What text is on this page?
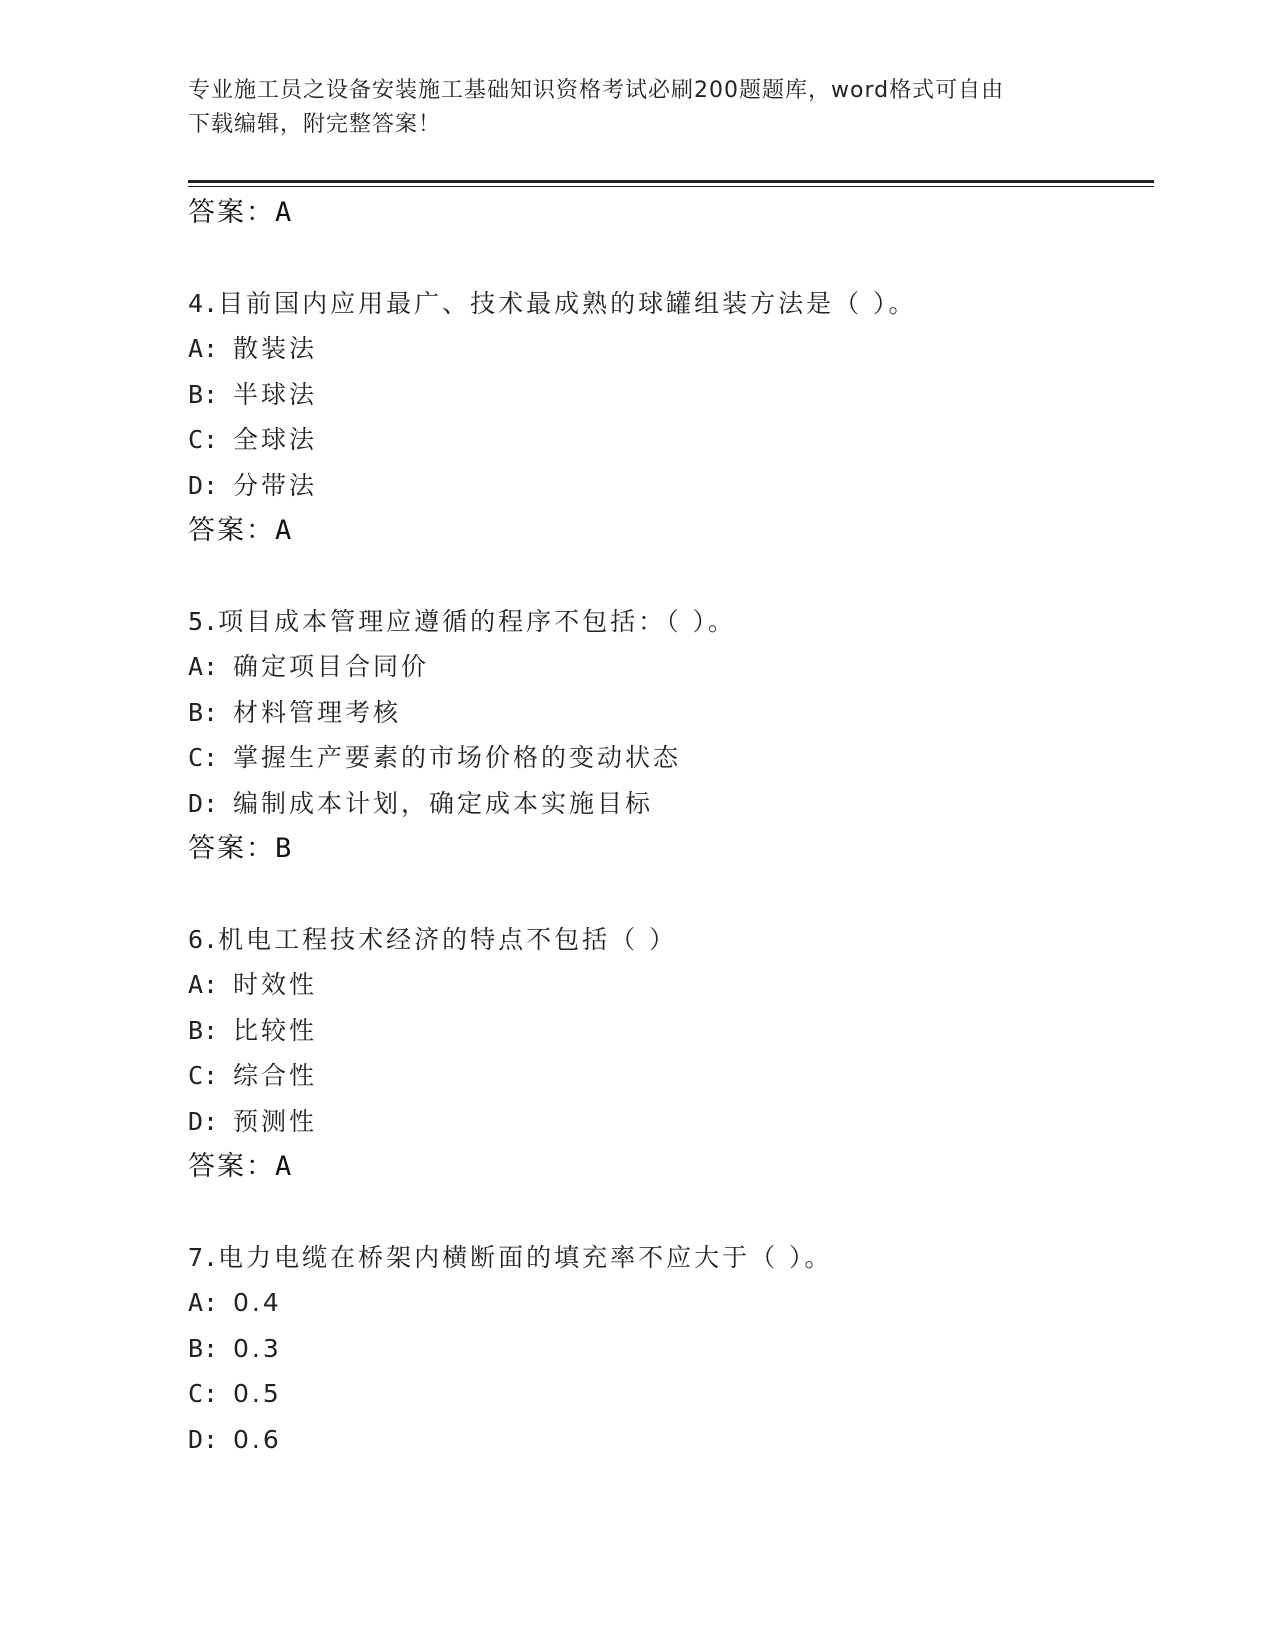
专业施工员之设备安装施工基础知识资格考试必刷200题题库，word格式可自由
下载编辑，附完整答案！
答案：A
4.目前国内应用最广、技术最成熟的球罐组装方法是（ ）。
A: 散装法
B: 半球法
C: 全球法
D: 分带法
答案：A
5.项目成本管理应遵循的程序不包括：（ ）。
A: 确定项目合同价
B: 材料管理考核
C: 掌握生产要素的市场价格的变动状态
D: 编制成本计划，确定成本实施目标
答案：B
6.机电工程技术经济的特点不包括（ ）
A: 时效性
B: 比较性
C: 综合性
D: 预测性
答案：A
7.电力电缆在桥架内横断面的填充率不应大于（ ）。
A: 0.4
B: 0.3
C: 0.5
D: 0.6
